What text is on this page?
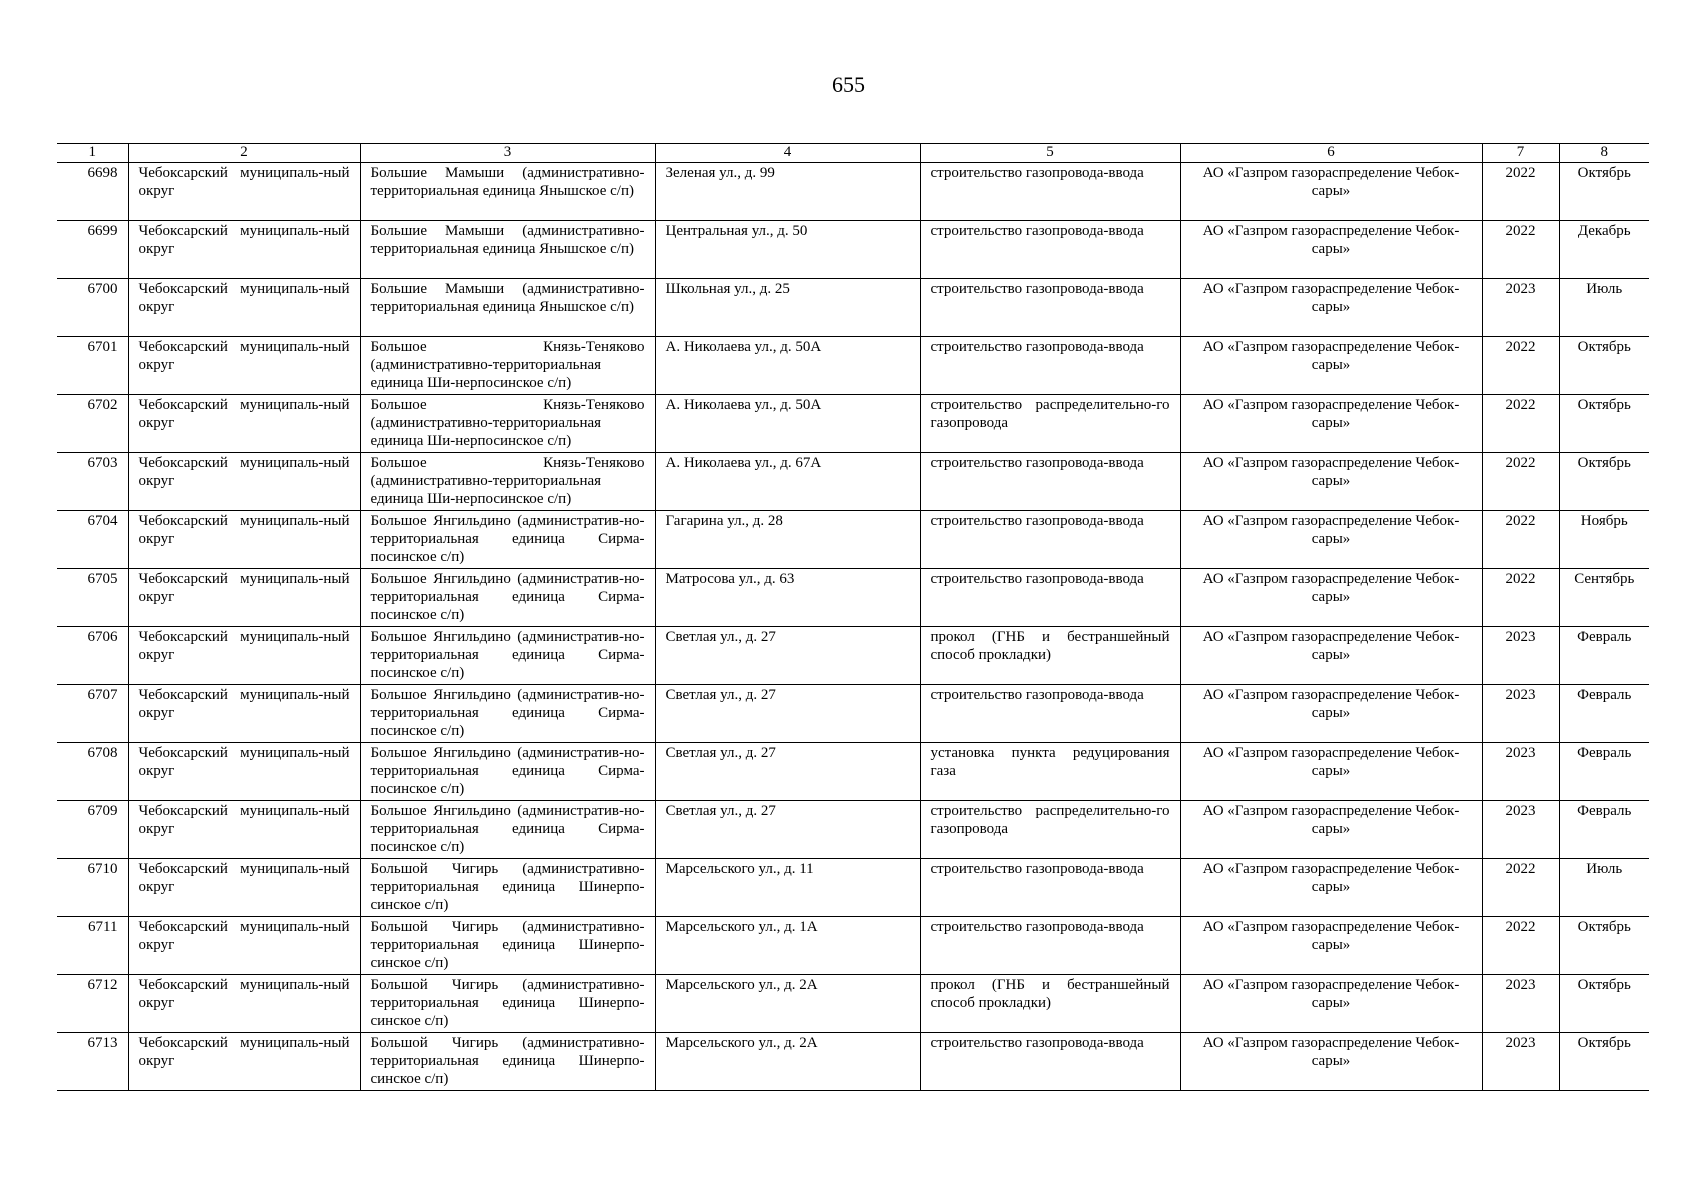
655
1	2	3	4	5	6	7	8
6698	Чебоксарский муниципаль-ный округ	Большие Мамыши (административно-территориальная единица Янышское с/п)	Зеленая ул., д. 99	строительство газопровода-ввода	АО «Газпром газораспределение Чебок-сары»	2022	Октябрь
6699	Чебоксарский муниципаль-ный округ	Большие Мамыши (административно-территориальная единица Янышское с/п)	Центральная ул., д. 50	строительство газопровода-ввода	АО «Газпром газораспределение Чебок-сары»	2022	Декабрь
6700	Чебоксарский муниципаль-ный округ	Большие Мамыши (административно-территориальная единица Янышское с/п)	Школьная ул., д. 25	строительство газопровода-ввода	АО «Газпром газораспределение Чебок-сары»	2023	Июль
6701	Чебоксарский муниципаль-ный округ	Большое Князь-Теняково (административно-территориальная единица Ши-нерпосинское с/п)	А. Николаева ул., д. 50А	строительство газопровода-ввода	АО «Газпром газораспределение Чебок-сары»	2022	Октябрь
6702	Чебоксарский муниципаль-ный округ	Большое Князь-Теняково (административно-территориальная единица Ши-нерпосинское с/п)	А. Николаева ул., д. 50А	строительство распределительно-го газопровода	АО «Газпром газораспределение Чебок-сары»	2022	Октябрь
6703	Чебоксарский муниципаль-ный округ	Большое Князь-Теняково (административно-территориальная единица Ши-нерпосинское с/п)	А. Николаева ул., д. 67А	строительство газопровода-ввода	АО «Газпром газораспределение Чебок-сары»	2022	Октябрь
6704	Чебоксарский муниципаль-ный округ	Большое Янгильдино (административ-но-территориальная единица Сирма-посинское с/п)	Гагарина ул., д. 28	строительство газопровода-ввода	АО «Газпром газораспределение Чебок-сары»	2022	Ноябрь
6705	Чебоксарский муниципаль-ный округ	Большое Янгильдино (административ-но-территориальная единица Сирма-посинское с/п)	Матросова ул., д. 63	строительство газопровода-ввода	АО «Газпром газораспределение Чебок-сары»	2022	Сентябрь
6706	Чебоксарский муниципаль-ный округ	Большое Янгильдино (административ-но-территориальная единица Сирма-посинское с/п)	Светлая ул., д. 27	прокол (ГНБ и бестраншейный способ прокладки)	АО «Газпром газораспределение Чебок-сары»	2023	Февраль
6707	Чебоксарский муниципаль-ный округ	Большое Янгильдино (административ-но-территориальная единица Сирма-посинское с/п)	Светлая ул., д. 27	строительство газопровода-ввода	АО «Газпром газораспределение Чебок-сары»	2023	Февраль
6708	Чебоксарский муниципаль-ный округ	Большое Янгильдино (административ-но-территориальная единица Сирма-посинское с/п)	Светлая ул., д. 27	установка пункта редуцирования газа	АО «Газпром газораспределение Чебок-сары»	2023	Февраль
6709	Чебоксарский муниципаль-ный округ	Большое Янгильдино (административ-но-территориальная единица Сирма-посинское с/п)	Светлая ул., д. 27	строительство распределительно-го газопровода	АО «Газпром газораспределение Чебок-сары»	2023	Февраль
6710	Чебоксарский муниципаль-ный округ	Большой Чигирь (административно-территориальная единица Шинерпо-синское с/п)	Марсельского ул., д. 11	строительство газопровода-ввода	АО «Газпром газораспределение Чебок-сары»	2022	Июль
6711	Чебоксарский муниципаль-ный округ	Большой Чигирь (административно-территориальная единица Шинерпо-синское с/п)	Марсельского ул., д. 1А	строительство газопровода-ввода	АО «Газпром газораспределение Чебок-сары»	2022	Октябрь
6712	Чебоксарский муниципаль-ный округ	Большой Чигирь (административно-территориальная единица Шинерпо-синское с/п)	Марсельского ул., д. 2А	прокол (ГНБ и бестраншейный способ прокладки)	АО «Газпром газораспределение Чебок-сары»	2023	Октябрь
6713	Чебоксарский муниципаль-ный округ	Большой Чигирь (административно-территориальная единица Шинерпо-синское с/п)	Марсельского ул., д. 2А	строительство газопровода-ввода	АО «Газпром газораспределение Чебок-сары»	2023	Октябрь
